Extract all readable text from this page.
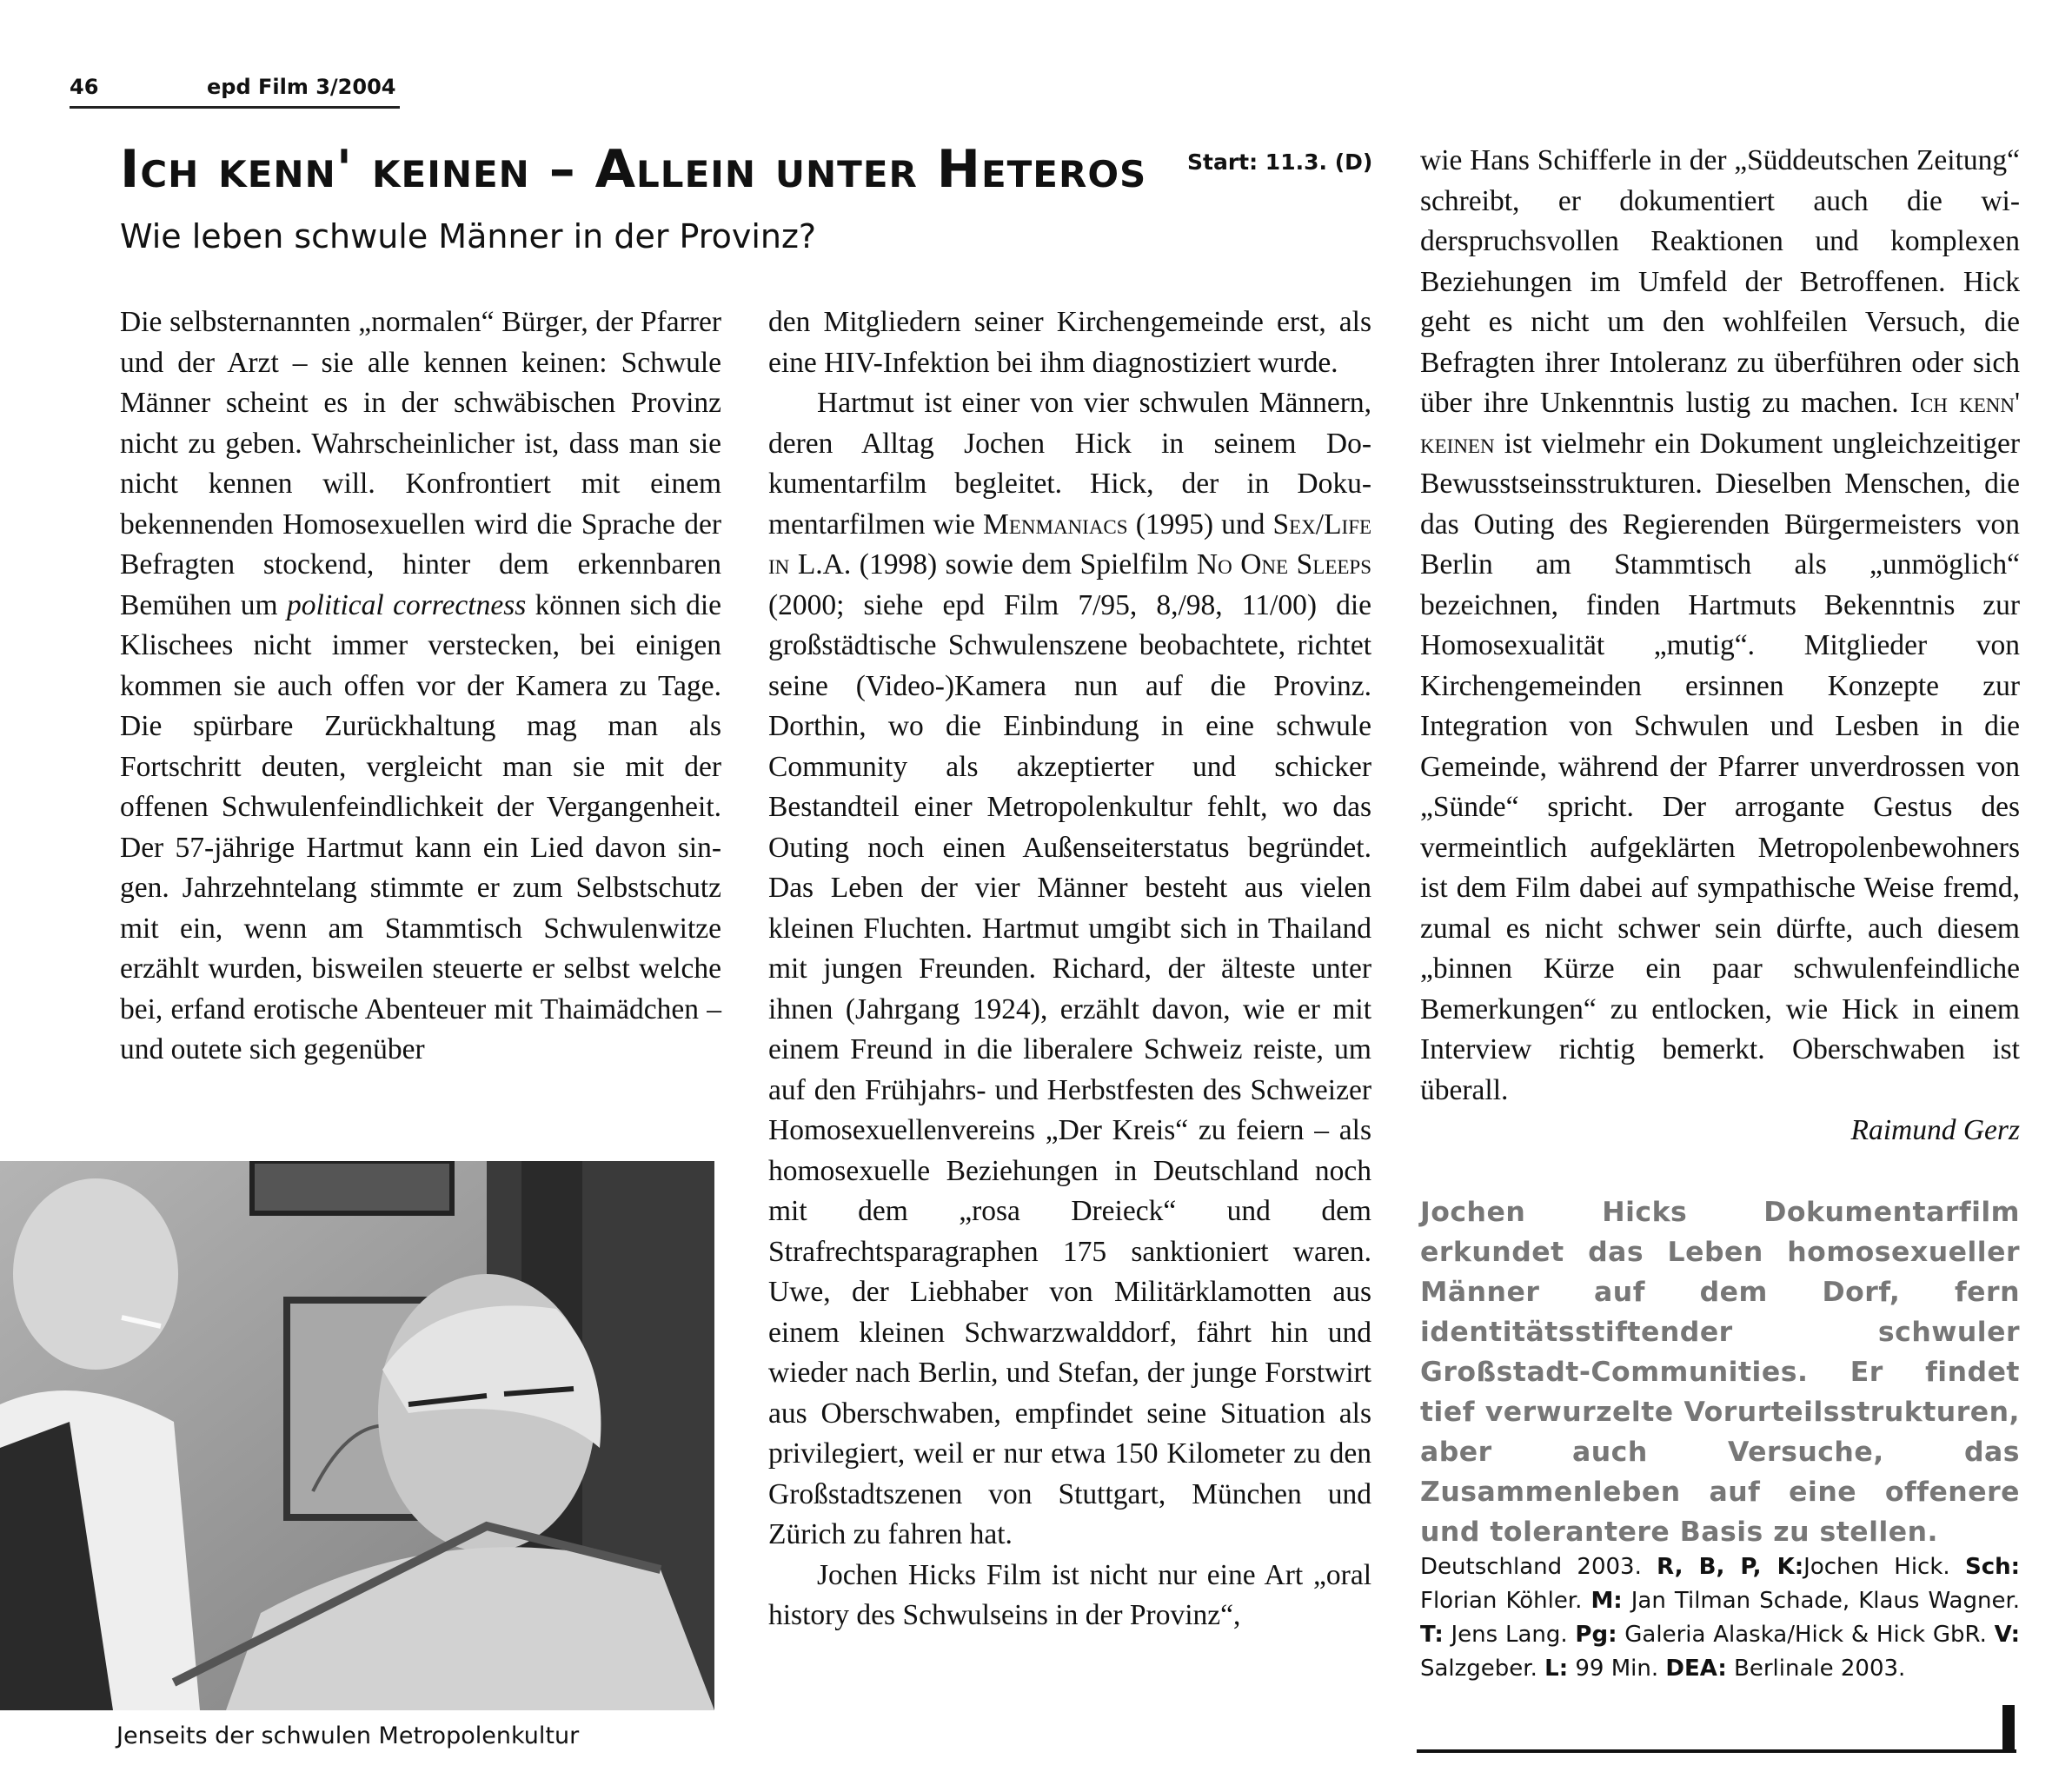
46	epd Film 3/2004
Ich kenn' keinen – Allein unter Heteros Start: 11.3. (D)
Wie leben schwule Männer in der Provinz?

Die selbsternannten „normalen“ Bürger, der Pfarrer und der Arzt – sie alle kennen keinen: Schwule Männer scheint es in der schwäbischen Provinz nicht zu geben. Wahrscheinlicher ist, dass man sie nicht kennen will. Konfrontiert mit einem bekennenden Homosexuellen wird die Sprache der Befragten stockend, hinter dem erkennbaren Bemühen um political correctness können sich die Klischees nicht immer verstecken, bei einigen kommen sie auch offen vor der Kamera zu Tage. Die spürbare Zurückhaltung mag man als Fortschritt deuten, vergleicht man sie mit der offenen Schwulenfeindlichkeit der Vergangenheit. Der 57-jährige Hartmut kann ein Lied davon singen. Jahrzehntelang stimmte er zum Selbstschutz mit ein, wenn am Stammtisch Schwulenwitze erzählt wurden, bisweilen steuerte er selbst welche bei, erfand erotische Abenteuer mit Thaimädchen – und outete sich gegenüber

den Mitgliedern seiner Kirchengemeinde erst, als eine HIV-Infektion bei ihm diagnostiziert wurde.

Hartmut ist einer von vier schwulen Männern, deren Alltag Jochen Hick in seinem Dokumentarfilm begleitet. Hick, der in Dokumentarfilmen wie Menmaniacs (1995) und Sex/Life in L.A. (1998) sowie dem Spielfilm No One Sleeps (2000; siehe epd Film 7/95, 8,/98, 11/00) die großstädtische Schwulenszene beobachtete, richtet seine (Video-)Kamera nun auf die Provinz. Dorthin, wo die Einbindung in eine schwule Community als akzeptierter und schicker Bestandteil einer Metropolenkultur fehlt, wo das Outing noch einen Außenseiterstatus begründet. Das Leben der vier Männer besteht aus vielen kleinen Fluchten. Hartmut umgibt sich in Thailand mit jungen Freunden. Richard, der älteste unter ihnen (Jahrgang 1924), erzählt davon, wie er mit einem Freund in die liberalere Schweiz reiste, um auf den Frühjahrs- und Herbstfesten des Schweizer Homosexuellenvereins „Der Kreis“ zu feiern – als homosexuelle Beziehungen in Deutschland noch mit dem „rosa Dreieck“ und dem Strafrechtsparagraphen 175 sanktioniert waren. Uwe, der Liebhaber von Militärklamotten aus einem kleinen Schwarzwalddorf, fährt hin und wieder nach Berlin, und Stefan, der junge Forstwirt aus Oberschwaben, empfindet seine Situation als privilegiert, weil er nur etwa 150 Kilometer zu den Großstadtszenen von Stuttgart, München und Zürich zu fahren hat.

Jochen Hicks Film ist nicht nur eine Art „oral history des Schwulseins in der Provinz“,

wie Hans Schifferle in der „Süddeutschen Zeitung“ schreibt, er dokumentiert auch die widerspruchsvollen Reaktionen und komplexen Beziehungen im Umfeld der Betroffenen. Hick geht es nicht um den wohlfeilen Versuch, die Befragten ihrer Intoleranz zu überführen oder sich über ihre Unkenntnis lustig zu machen. Ich kenn' keinen ist vielmehr ein Dokument ungleichzeitiger Bewusstseinsstrukturen. Dieselben Menschen, die das Outing des Regierenden Bürgermeisters von Berlin am Stammtisch als „unmöglich“ bezeichnen, finden Hartmuts Bekenntnis zur Homosexualität „mutig“. Mitglieder von Kirchengemeinden ersinnen Konzepte zur Integration von Schwulen und Lesben in die Gemeinde, während der Pfarrer unverdrossen von „Sünde“ spricht. Der arrogante Gestus des vermeintlich aufgeklärten Metropolenbewohners ist dem Film dabei auf sympathische Weise fremd, zumal es nicht schwer sein dürfte, auch diesem „binnen Kürze ein paar schwulenfeindliche Bemerkungen“ zu entlocken, wie Hick in einem Interview richtig bemerkt. Oberschwaben ist überall.

Raimund Gerz

Jenseits der schwulen Metropolenkultur
Jochen Hicks Dokumentarfilm erkundet das Leben homosexueller Männer auf dem Dorf, fern identitätsstiftender schwuler Großstadt-Communities. Er findet tief verwurzelte Vorurteilsstrukturen, aber auch Versuche, das Zusammenleben auf eine offenere und tolerantere Basis zu stellen.
Deutschland 2003. R, B, P, K:Jochen Hick. Sch: Florian Köhler. M: Jan Tilman Schade, Klaus Wagner. T: Jens Lang. Pg: Galeria Alaska/Hick & Hick GbR. V: Salzgeber. L: 99 Min. DEA: Berlinale 2003.
